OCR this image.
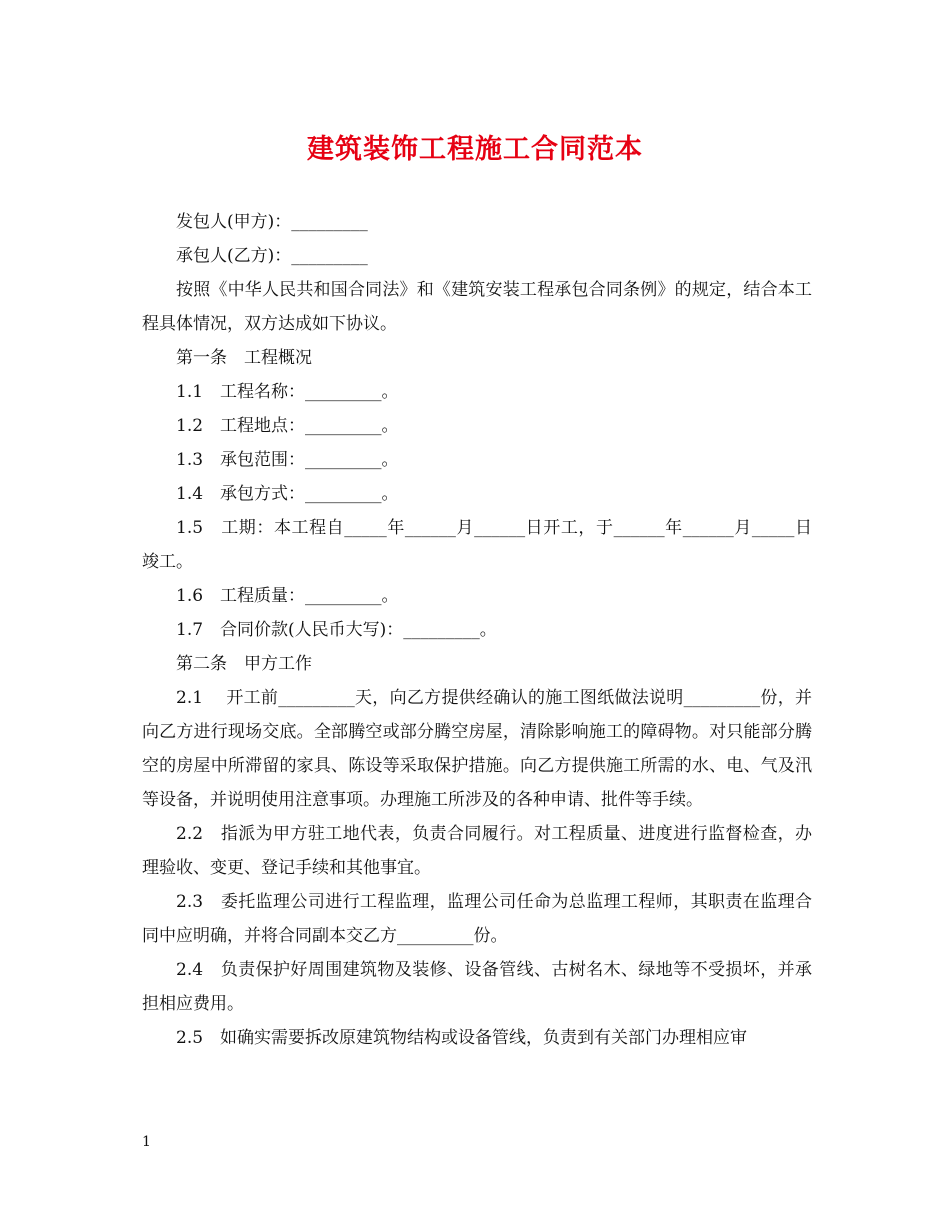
建筑装饰工程施工合同范本

发包人(甲方)：_________

承包人(乙方)：_________

按照《中华人民共和国合同法》和《建筑安装工程承包合同条例》的规定，结合本工程具体情况，双方达成如下协议。

第一条　工程概况

1.1　工程名称：_________。

1.2　工程地点：_________。

1.3　承包范围：_________。

1.4　承包方式：_________。

1.5　工期：本工程自_____年______月______日开工，于______年______月_____日竣工。

1.6　工程质量：_________。

1.7　合同价款(人民币大写)：_________。

第二条　甲方工作

2.1　 开工前_________天，向乙方提供经确认的施工图纸做法说明_________份，并向乙方进行现场交底。全部腾空或部分腾空房屋，清除影响施工的障碍物。对只能部分腾空的房屋中所滞留的家具、陈设等采取保护措施。向乙方提供施工所需的水、电、气及汛等设备，并说明使用注意事项。办理施工所涉及的各种申请、批件等手续。

2.2　指派为甲方驻工地代表，负责合同履行。对工程质量、进度进行监督检查，办理验收、变更、登记手续和其他事宜。

2.3　委托监理公司进行工程监理，监理公司任命为总监理工程师，其职责在监理合同中应明确，并将合同副本交乙方_________份。

2.4　负责保护好周围建筑物及装修、设备管线、古树名木、绿地等不受损坏，并承担相应费用。

2.5　如确实需要拆改原建筑物结构或设备管线，负责到有关部门办理相应审

1
